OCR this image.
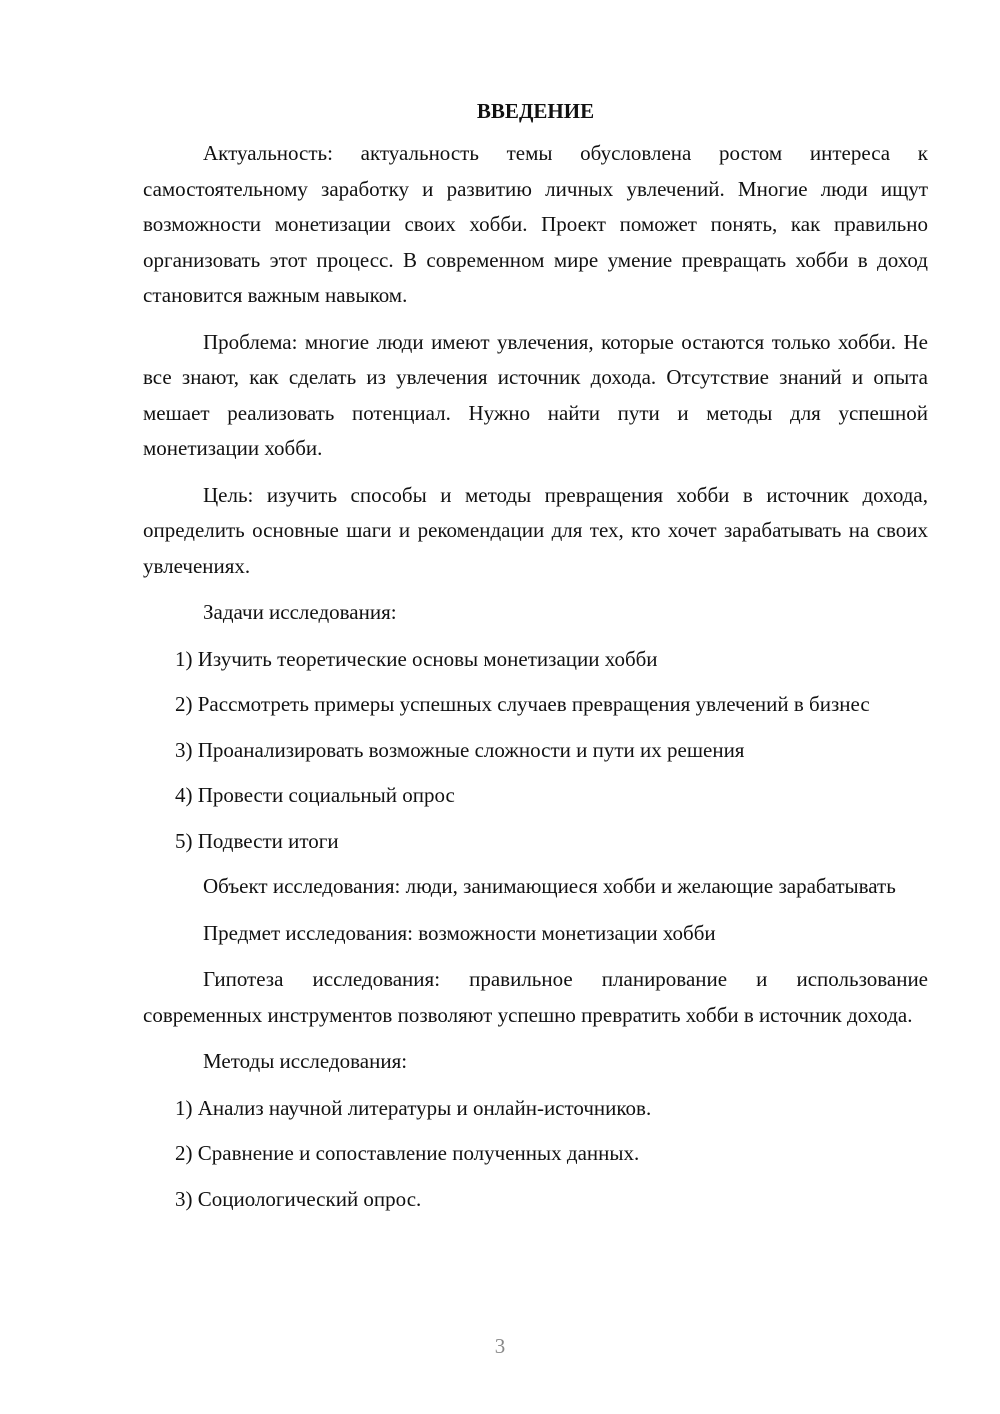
ВВЕДЕНИЕ

Актуальность: актуальность темы обусловлена ростом интереса к самостоятельному заработку и развитию личных увлечений. Многие люди ищут возможности монетизации своих хобби. Проект поможет понять, как правильно организовать этот процесс. В современном мире умение превращать хобби в доход становится важным навыком.

Проблема: многие люди имеют увлечения, которые остаются только хобби. Не все знают, как сделать из увлечения источник дохода. Отсутствие знаний и опыта мешает реализовать потенциал. Нужно найти пути и методы для успешной монетизации хобби.

Цель: изучить способы и методы превращения хобби в источник дохода, определить основные шаги и рекомендации для тех, кто хочет зарабатывать на своих увлечениях.

Задачи исследования:

1) Изучить теоретические основы монетизации хобби

2) Рассмотреть примеры успешных случаев превращения увлечений в бизнес

3) Проанализировать возможные сложности и пути их решения

4) Провести социальный опрос

5) Подвести итоги

Объект исследования: люди, занимающиеся хобби и желающие зарабатывать

Предмет исследования: возможности монетизации хобби

Гипотеза исследования: правильное планирование и использование современных инструментов позволяют успешно превратить хобби в источник дохода.

Методы исследования:

1) Анализ научной литературы и онлайн-источников.

2) Сравнение и сопоставление полученных данных.

3) Социологический опрос.

3
